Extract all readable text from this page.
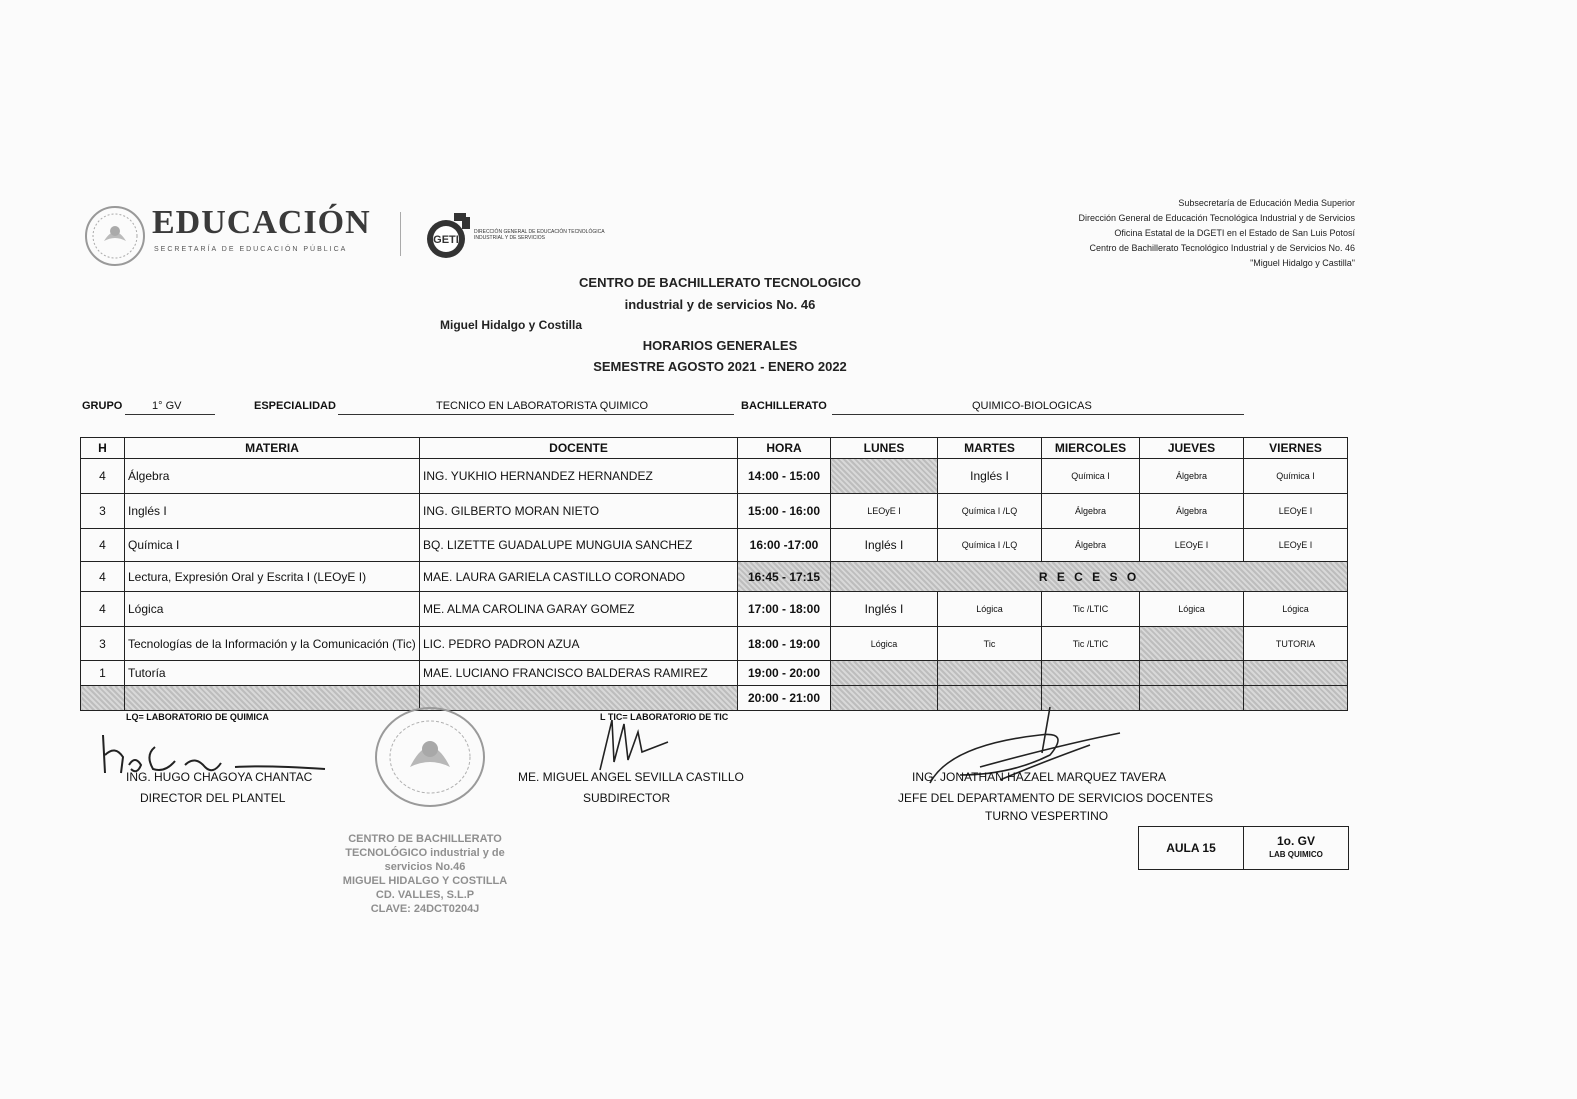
EDUCACIÓN
SECRETARÍA DE EDUCACIÓN PÚBLICA
GETI
DIRECCIÓN GENERAL DE EDUCACIÓN TECNOLÓGICA INDUSTRIAL Y DE SERVICIOS
Subsecretaría de Educación Media Superior
Dirección General de Educación Tecnológica Industrial y de Servicios
Oficina Estatal de la DGETI en el Estado de San Luis Potosí
Centro de Bachillerato Tecnológico Industrial y de Servicios No. 46
"Miguel Hidalgo y Castilla"
CENTRO DE BACHILLERATO TECNOLOGICO
industrial y de servicios No. 46
Miguel Hidalgo y Costilla
HORARIOS GENERALES
SEMESTRE AGOSTO 2021 - ENERO 2022
GRUPO	1° GV	ESPECIALIDAD	TECNICO EN LABORATORISTA QUIMICO	BACHILLERATO	QUIMICO-BIOLOGICAS
H	MATERIA	DOCENTE	HORA	LUNES	MARTES	MIERCOLES	JUEVES	VIERNES
4	Álgebra	ING. YUKHIO HERNANDEZ HERNANDEZ	14:00 - 15:00		Inglés I	Química I	Álgebra	Química I
3	Inglés I	ING. GILBERTO MORAN NIETO	15:00 - 16:00	LEOyE I	Química I /LQ	Álgebra	Álgebra	LEOyE I
4	Química I	BQ. LIZETTE GUADALUPE MUNGUIA SANCHEZ	16:00 -17:00	Inglés I	Química I /LQ	Álgebra	LEOyE I	LEOyE I
4	Lectura, Expresión Oral y Escrita I (LEOyE I)	MAE. LAURA GARIELA CASTILLO CORONADO	16:45 - 17:15	R E C E S O				
4	Lógica	ME. ALMA CAROLINA GARAY GOMEZ	17:00 - 18:00	Inglés I	Lógica	Tic /LTIC	Lógica	Lógica
3	Tecnologías de la Información y la Comunicación (Tic)	LIC. PEDRO PADRON AZUA	18:00 - 19:00	Lógica	Tic	Tic /LTIC		TUTORIA
1	Tutoría	MAE. LUCIANO FRANCISCO BALDERAS RAMIREZ	19:00 - 20:00					
			20:00 - 21:00					
LQ= LABORATORIO DE QUIMICA	L TIC= LABORATORIO DE TIC
ING. HUGO CHAGOYA CHANTAC
DIRECTOR DEL PLANTEL
ME. MIGUEL ANGEL SEVILLA CASTILLO
SUBDIRECTOR
ING. JONATHAN HAZAEL MARQUEZ TAVERA
JEFE DEL DEPARTAMENTO DE SERVICIOS DOCENTES
TURNO VESPERTINO
CENTRO DE BACHILLERATO
TECNOLÓGICO industrial y de
servicios No.46
MIGUEL HIDALGO Y COSTILLA
CD. VALLES, S.L.P
CLAVE: 24DCT0204J
AULA 15	1o. GV
LAB QUIMICO
